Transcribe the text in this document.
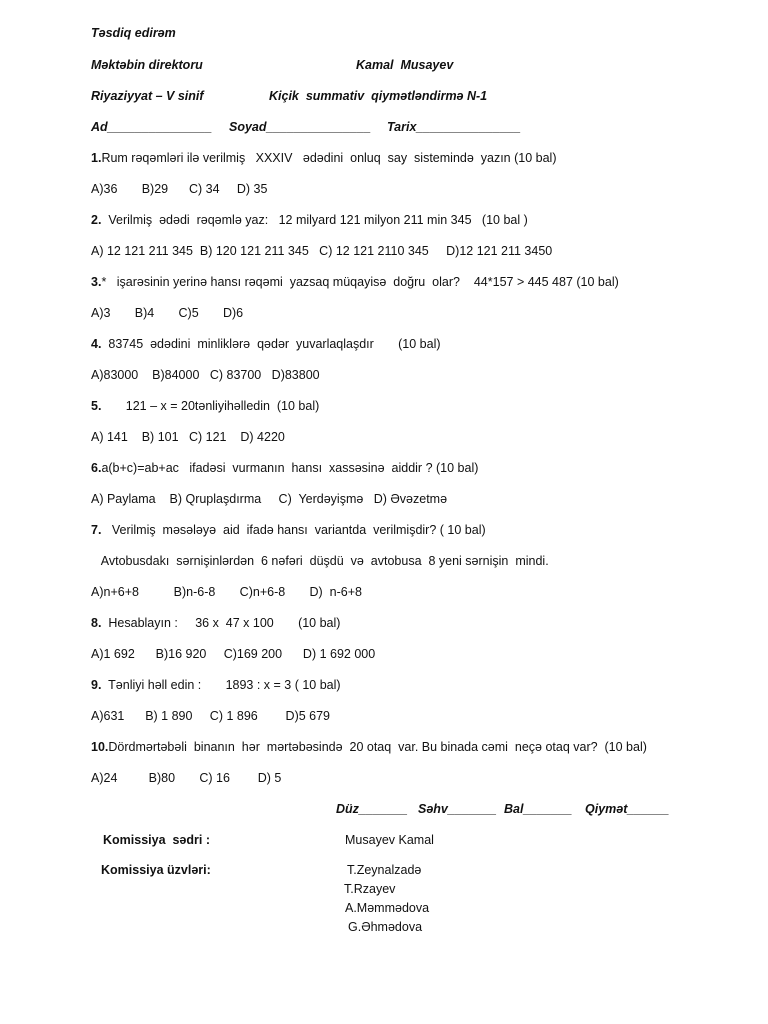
Təsdiq edirəm
Məktəbin direktoru	Kamal  Musayev
Riyaziyyat – V sinif	Kiçik  summativ  qiymətləndirmə N-1
Ad_______________ Soyad_______________ Tarix_______________
1.Rum rəqəmləri ilə verilmiş   XXXIV   ədədini  onluq  say  sistemində  yazın (10 bal)
A)36       B)29      C) 34     D) 35
2.  Verilmiş  ədədi  rəqəmlə yaz:   12 milyard 121 milyon 211 min 345   (10 bal )
A) 12 121 211 345  B) 120 121 211 345   C) 12 121 2110 345     D)12 121 211 3450
3.*   işarəsinin yerinə hansı rəqəmi  yazsaq müqayisə  doğru  olar?    44*157 > 445 487 (10 bal)
A)3       B)4       C)5       D)6
4.  83745  ədədini  minliklərə  qədər  yuvarlaqlaşdır       (10 bal)
A)83000    B)84000   C) 83700   D)83800
5.       121 – x = 20tənliyihəlledin  (10 bal)
A) 141    B) 101   C) 121    D) 4220
6.a(b+c)=ab+ac   ifadəsi  vurmanın  hansı  xassəsinə  aiddir ? (10 bal)
A) Paylama    B) Qruplaşdırma     C)  Yerdəyişmə   D) Əvəzetmə
7.   Verilmiş  məsələyə  aid  ifadə hansı  variantda  verilmişdir? ( 10 bal)
Avtobusdakı  sərnişinlərdən  6 nəfəri  düşdü  və  avtobusa  8 yeni sərnişin  mindi.
A)n+6+8          B)n-6-8       C)n+6-8       D)  n-6+8
8.  Hesablayın :     36 x  47 x 100       (10 bal)
A)1 692      B)16 920     C)169 200      D) 1 692 000
9.  Tənliyi həll edin :       1893 : x = 3 ( 10 bal)
A)631      B) 1 890     C) 1 896        D)5 679
10.Dördmərtəbəli  binanın  hər  mərtəbəsində  20 otaq  var. Bu binada cəmi  neçə otaq var?  (10 bal)
A)24         B)80       C) 16        D) 5
Düz_______ Səhv_______ Bal_______ Qiymət______
Komissiya  sədri :	Musayev Kamal
Komissiya üzvləri:	T.Zeynalzadə
T.Rzayev
A.Məmmədova
G.Əhmədova
